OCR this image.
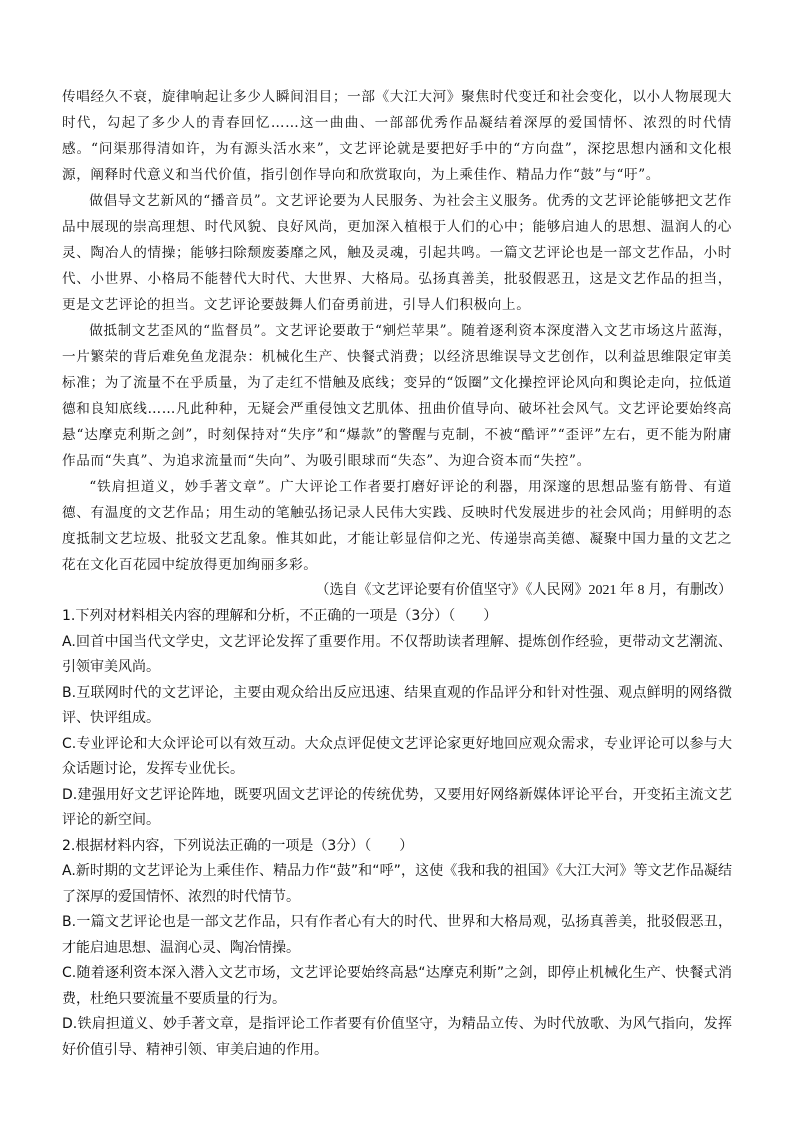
传唱经久不衰，旋律响起让多少人瞬间泪目；一部《大江大河》聚焦时代变迁和社会变化，以小人物展现大时代，勾起了多少人的青春回忆……这一曲曲、一部部优秀作品凝结着深厚的爱国情怀、浓烈的时代情感。“问渠那得清如许，为有源头活水来”，文艺评论就是要把好手中的“方向盘”，深挖思想内涵和文化根源，阐释时代意义和当代价值，指引创作导向和欣赏取向，为上乘佳作、精品力作“鼓”与“吁”。

做倡导文艺新风的“播音员”。文艺评论要为人民服务、为社会主义服务。优秀的文艺评论能够把文艺作品中展现的崇高理想、时代风貌、良好风尚，更加深入植根于人们的心中；能够启迪人的思想、温润人的心灵、陶冶人的情操；能够扫除颓废萎靡之风，触及灵魂，引起共鸣。一篇文艺评论也是一部文艺作品，小时代、小世界、小格局不能替代大时代、大世界、大格局。弘扬真善美，批驳假恶丑，这是文艺作品的担当，更是文艺评论的担当。文艺评论要鼓舞人们奋勇前进，引导人们积极向上。

做抵制文艺歪风的“监督员”。文艺评论要敢于“剜烂苹果”。随着逐利资本深度潜入文艺市场这片蓝海，一片繁荣的背后难免鱼龙混杂：机械化生产、快餐式消费；以经济思维误导文艺创作，以利益思维限定审美标准；为了流量不在乎质量，为了走红不惜触及底线；变异的“饭圈”文化操控评论风向和舆论走向，拉低道德和良知底线……凡此种种，无疑会严重侵蚀文艺肌体、扭曲价值导向、破坏社会风气。文艺评论要始终高悬“达摩克利斯之剑”，时刻保持对“失序”和“爆款”的警醒与克制，不被“酷评”“歪评”左右，更不能为附庸作品而“失真”、为追求流量而“失向”、为吸引眼球而“失态”、为迎合资本而“失控”。

“铁肩担道义，妙手著文章”。广大评论工作者要打磨好评论的利器，用深邃的思想品鉴有筋骨、有道德、有温度的文艺作品；用生动的笔触弘扬记录人民伟大实践、反映时代发展进步的社会风尚；用鲜明的态度抵制文艺垃圾、批驳文艺乱象。惟其如此，才能让彰显信仰之光、传递崇高美德、凝聚中国力量的文艺之花在文化百花园中绽放得更加绚丽多彩。

（选自《文艺评论要有价值坚守》《人民网》2021 年 8 月，有删改）

1.下列对材料相关内容的理解和分析，不正确的一项是（3分）（　　）

A.回首中国当代文学史，文艺评论发挥了重要作用。不仅帮助读者理解、提炼创作经验，更带动文艺潮流、引领审美风尚。

B.互联网时代的文艺评论，主要由观众给出反应迅速、结果直观的作品评分和针对性强、观点鲜明的网络微评、快评组成。

C.专业评论和大众评论可以有效互动。大众点评促使文艺评论家更好地回应观众需求，专业评论可以参与大众话题讨论，发挥专业优长。

D.建强用好文艺评论阵地，既要巩固文艺评论的传统优势，又要用好网络新媒体评论平台，开变拓主流文艺评论的新空间。

2.根据材料内容，下列说法正确的一项是（3分）（　　）

A.新时期的文艺评论为上乘佳作、精品力作“鼓”和“呼”，这使《我和我的祖国》《大江大河》等文艺作品凝结了深厚的爱国情怀、浓烈的时代情节。

B.一篇文艺评论也是一部文艺作品，只有作者心有大的时代、世界和大格局观，弘扬真善美，批驳假恶丑，才能启迪思想、温润心灵、陶冶情操。

C.随着逐利资本深入潜入文艺市场，文艺评论要始终高悬“达摩克利斯”之剑，即停止机械化生产、快餐式消费，杜绝只要流量不要质量的行为。

D.铁肩担道义、妙手著文章，是指评论工作者要有价值坚守，为精品立传、为时代放歌、为风气指向，发挥好价值引导、精神引领、审美启迪的作用。
